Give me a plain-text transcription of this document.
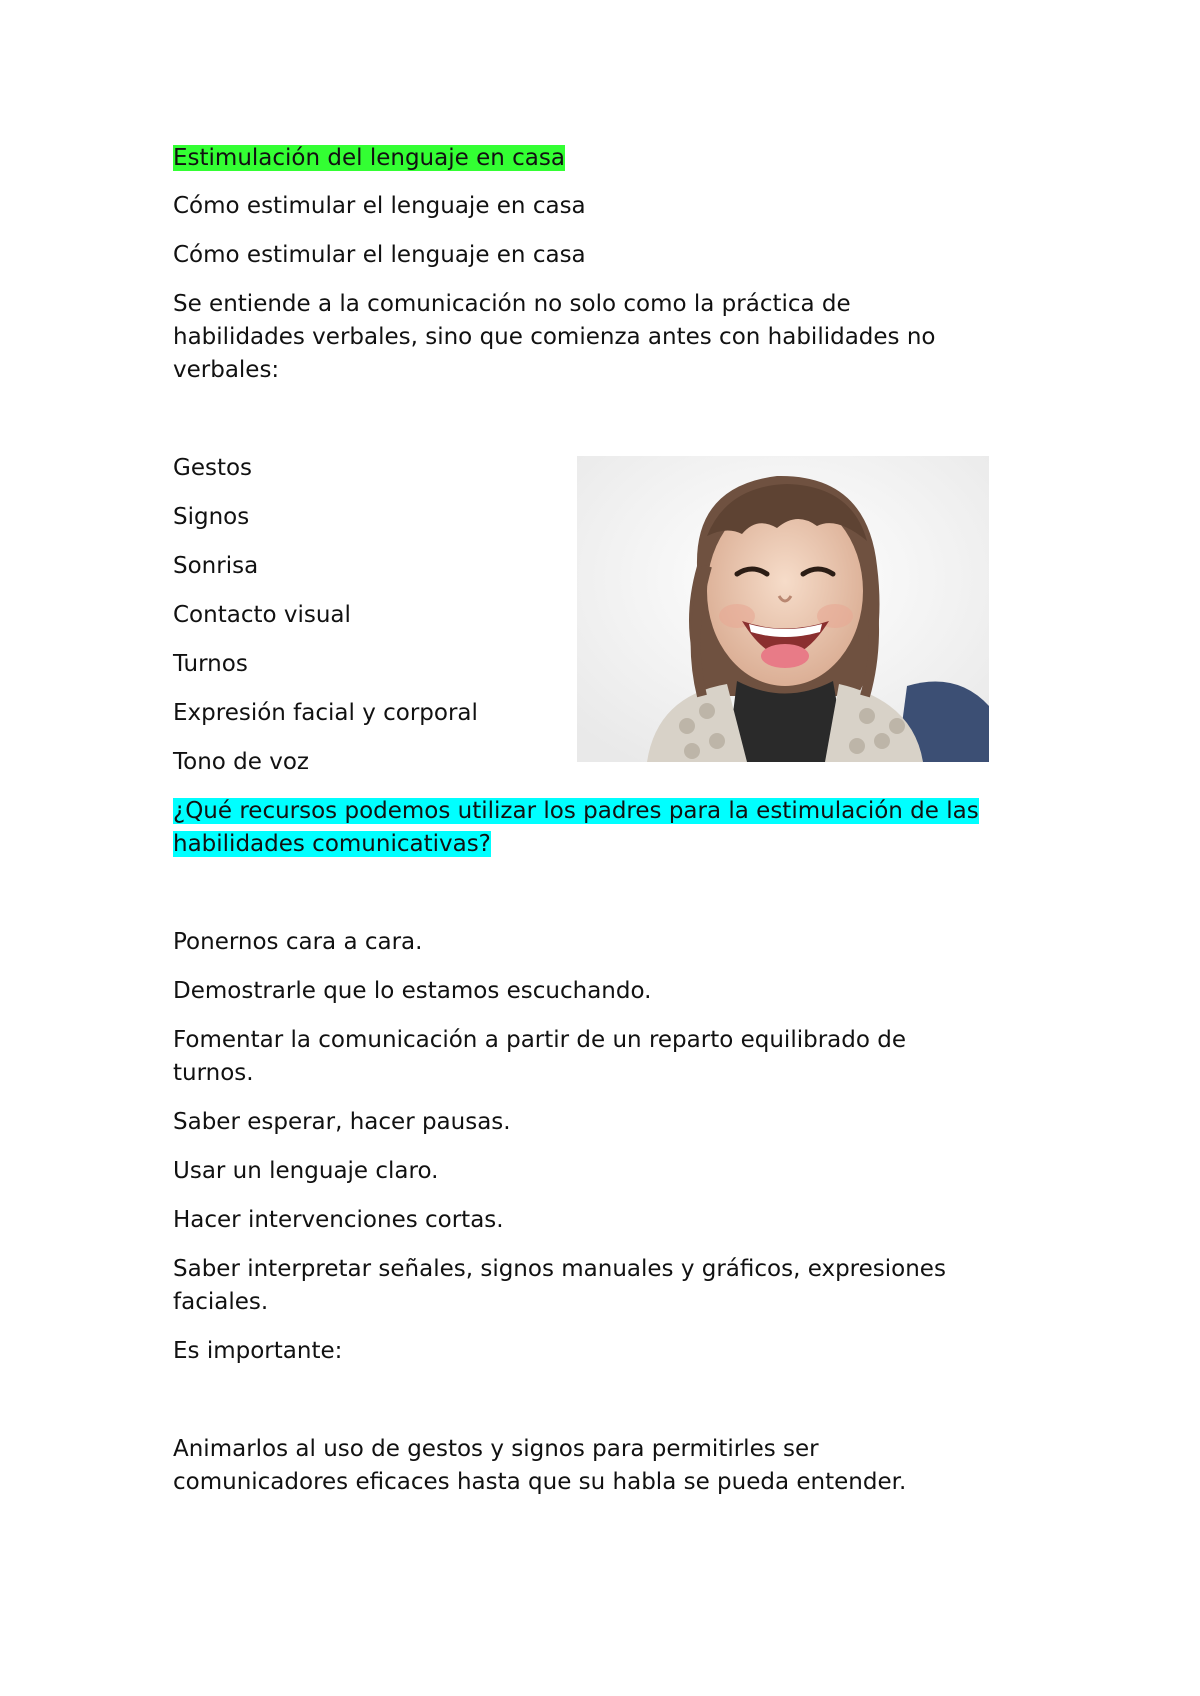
Estimulación del lenguaje en casa

Cómo estimular el lenguaje en casa

Cómo estimular el lenguaje en casa

Se entiende a la comunicación no solo como la práctica de

habilidades verbales, sino que comienza antes con habilidades no

verbales:

Gestos

Signos

Sonrisa

Contacto visual

Turnos

Expresión facial y corporal

Tono de voz

¿Qué recursos podemos utilizar los padres para la estimulación de las

habilidades comunicativas?

Ponernos cara a cara.

Demostrarle que lo estamos escuchando.

Fomentar la comunicación a partir de un reparto equilibrado de

turnos.

Saber esperar, hacer pausas.

Usar un lenguaje claro.

Hacer intervenciones cortas.

Saber interpretar señales, signos manuales y gráficos, expresiones

faciales.

Es importante:

Animarlos al uso de gestos y signos para permitirles ser

comunicadores eficaces hasta que su habla se pueda entender.
